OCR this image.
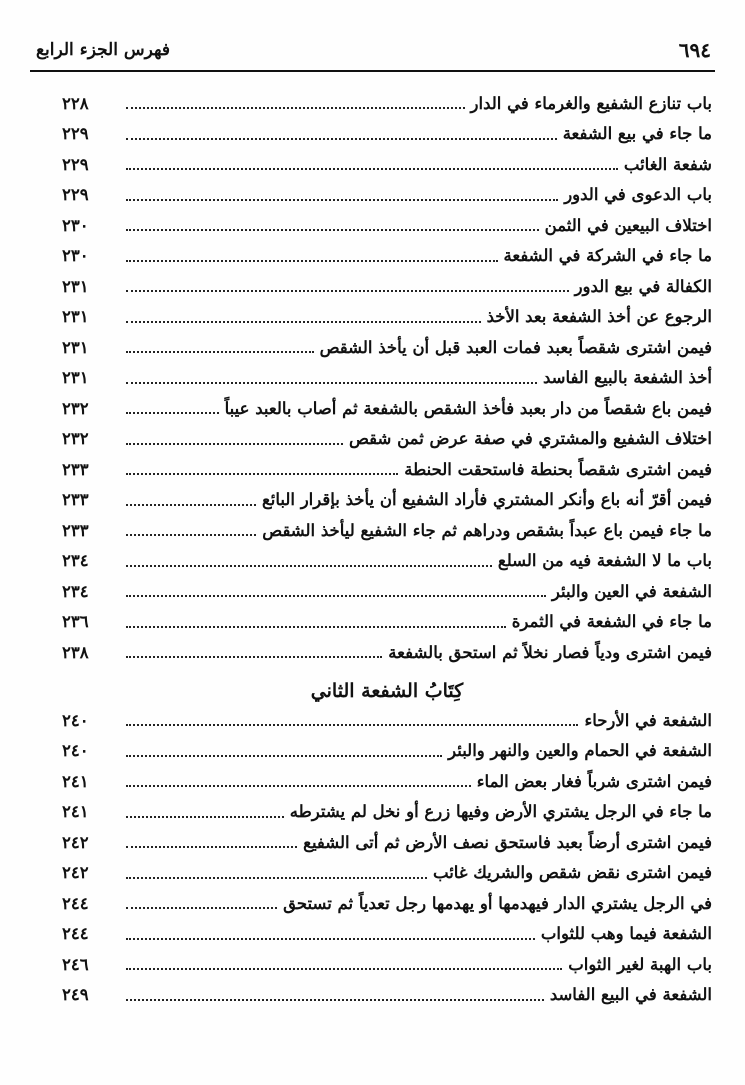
٦٩٤
فهرس الجزء الرابع
باب تنازع الشفيع والغرماء في الدار
٢٢٨
ما جاء في بيع الشفعة
٢٢٩
شفعة الغائب
٢٢٩
باب الدعوى في الدور
٢٢٩
اختلاف البيعين في الثمن
٢٣٠
ما جاء في الشركة في الشفعة
٢٣٠
الكفالة في بيع الدور
٢٣١
الرجوع عن أخذ الشفعة بعد الأخذ
٢٣١
فيمن اشترى شقصاً بعبد فمات العبد قبل أن يأخذ الشقص
٢٣١
أخذ الشفعة بالبيع الفاسد
٢٣١
فيمن باع شقصاً من دار بعبد فأخذ الشقص بالشفعة ثم أصاب بالعبد عيباً
٢٣٢
اختلاف الشفيع والمشتري في صفة عرض ثمن شقص
٢٣٢
فيمن اشترى شقصاً بحنطة فاستحقت الحنطة
٢٣٣
فيمن أقرّ أنه باع وأنكر المشتري فأراد الشفيع أن يأخذ بإقرار البائع
٢٣٣
ما جاء فيمن باع عبداً بشقص ودراهم ثم جاء الشفيع ليأخذ الشقص
٢٣٣
باب ما لا الشفعة فيه من السلع
٢٣٤
الشفعة في العين والبئر
٢٣٤
ما جاء في الشفعة في الثمرة
٢٣٦
فيمن اشترى ودياً فصار نخلاً ثم استحق بالشفعة
٢٣٨
كِتَابُ الشفعة الثاني
الشفعة في الأرحاء
٢٤٠
الشفعة في الحمام والعين والنهر والبئر
٢٤٠
فيمن اشترى شرباً فغار بعض الماء
٢٤١
ما جاء في الرجل يشتري الأرض وفيها زرع أو نخل لم يشترطه
٢٤١
فيمن اشترى أرضاً بعبد فاستحق نصف الأرض ثم أتى الشفيع
٢٤٢
فيمن اشترى نقض شقص والشريك غائب
٢٤٢
في الرجل يشتري الدار فيهدمها أو يهدمها رجل تعدياً ثم تستحق
٢٤٤
الشفعة فيما وهب للثواب
٢٤٤
باب الهبة لغير الثواب
٢٤٦
الشفعة في البيع الفاسد
٢٤٩
